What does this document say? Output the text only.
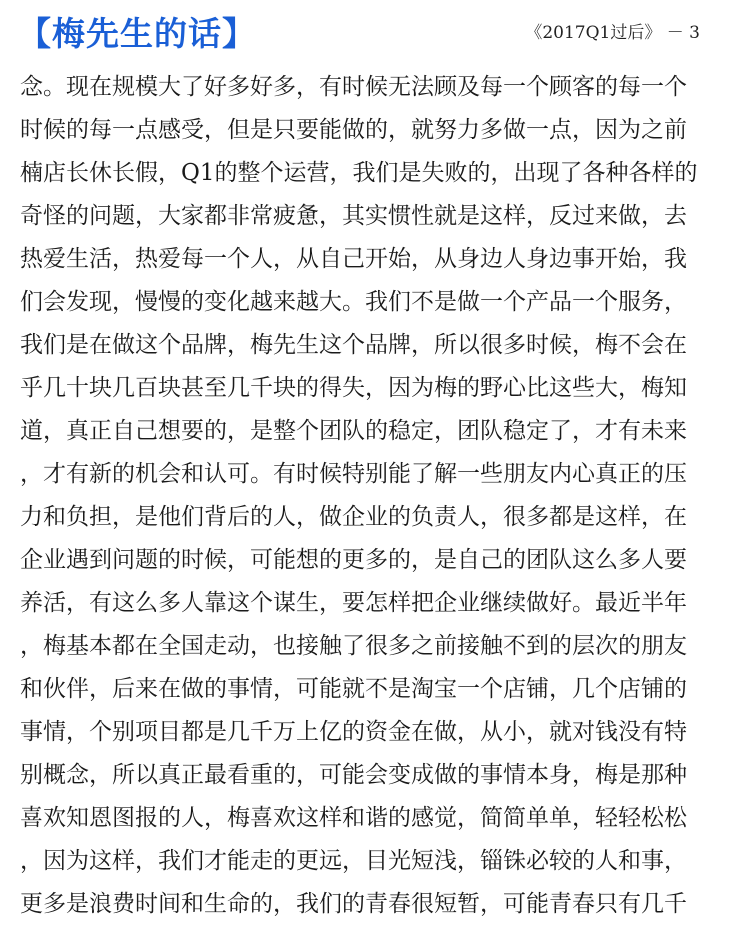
【梅先生的话】	《2017Q1过后》 － 3
念。现在规模大了好多好多，有时候无法顾及每一个顾客的每一个
时候的每一点感受，但是只要能做的，就努力多做一点，因为之前
楠店长休长假，Q1的整个运营，我们是失败的，出现了各种各样的
奇怪的问题，大家都非常疲惫，其实惯性就是这样，反过来做，去
热爱生活，热爱每一个人，从自己开始，从身边人身边事开始，我
们会发现，慢慢的变化越来越大。我们不是做一个产品一个服务，
我们是在做这个品牌，梅先生这个品牌，所以很多时候，梅不会在
乎几十块几百块甚至几千块的得失，因为梅的野心比这些大，梅知
道，真正自己想要的，是整个团队的稳定，团队稳定了，才有未来
，才有新的机会和认可。有时候特别能了解一些朋友内心真正的压
力和负担，是他们背后的人，做企业的负责人，很多都是这样，在
企业遇到问题的时候，可能想的更多的，是自己的团队这么多人要
养活，有这么多人靠这个谋生，要怎样把企业继续做好。最近半年
，梅基本都在全国走动，也接触了很多之前接触不到的层次的朋友
和伙伴，后来在做的事情，可能就不是淘宝一个店铺，几个店铺的
事情，个别项目都是几千万上亿的资金在做，从小，就对钱没有特
别概念，所以真正最看重的，可能会变成做的事情本身，梅是那种
喜欢知恩图报的人，梅喜欢这样和谐的感觉，简简单单，轻轻松松
，因为这样，我们才能走的更远，目光短浅，锱铢必较的人和事，
更多是浪费时间和生命的，我们的青春很短暂，可能青春只有几千
